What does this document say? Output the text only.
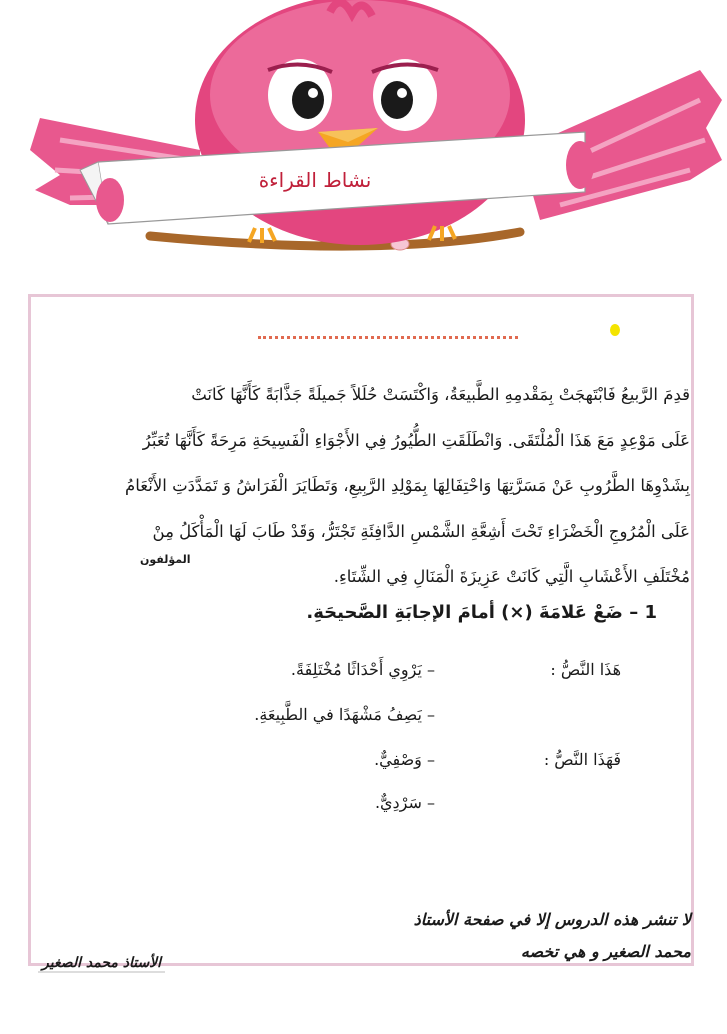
نشاط القراءة
قدِمَ الرَّبيعُ فَابْتَهجَتْ بِمَقْدمِهِ الطَّبيعَةُ، وَاكْتَسَتْ حُلَلاً جَميلَةً جَذَّابَةً كَأَنَّهَا كَانَتْ
عَلَى مَوْعِدٍ مَعَ هَذَا الْمُلْتَقَى. وَانْطَلَقَتِ الطُّيُورُ فِي الأَجْوَاءِ الْفَسِيحَةِ مَرِحَةً كَأَنَّهَا تُعَبِّرُ
بِشَدْوِهَا الطَّرُوبِ عَنْ مَسَرَّتِهَا وَاحْتِفَالِهَا بِمَوْلِدِ الرَّبِيعِ، وَتَطَايَرَ الْفَرَاشُ وَ تَمَدَّدَتِ الأَنْعَامُ
عَلَى الْمُرُوجِ الْخَضْرَاءِ تَحْتَ أَشِعَّةِ الشَّمْسِ الدَّافِئَةِ تَجْتَرُّ، وَقَدْ طَابَ لَهَا الْمَأْكَلُ مِنْ
مُخْتَلَفِ الأَعْشَابِ الَّتِي كَانَتْ عَزِيزَةَ الْمَنَالِ فِي الشِّتَاءِ.
المؤلفون
1 – ضَعْ عَلامَةَ (×) أمامَ الإجابَةِ الصَّحيحَةِ.
هَذَا النَّصُّ :
– يَرْوِي أَحْدَاثًا مُخْتَلِفَةً.
– يَصِفُ مَشْهَدًا في الطَّبِيعَةِ.
فَهَذَا النَّصُّ :
– وَصْفِيٌّ.
– سَرْدِيٌّ.
لا تنشر هذه الدروس إلا في صفحة الأستاذ
محمد الصغير و هي تخصه
الأستاذ محمد الصغير
